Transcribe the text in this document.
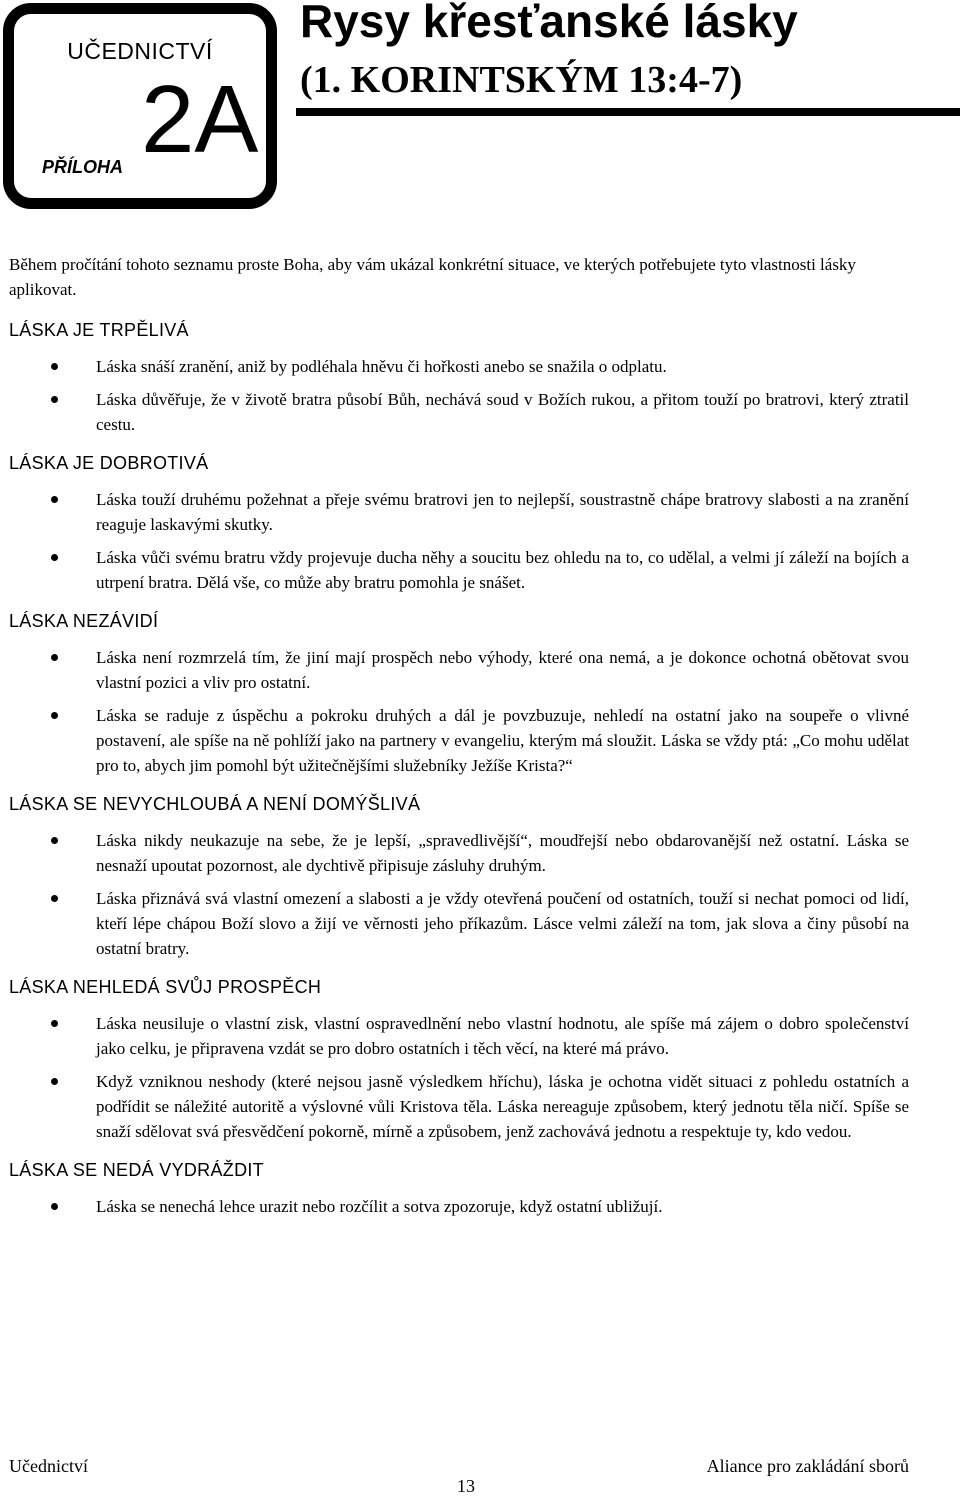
UČEDNICTVÍ
PŘÍLOHA 2A
Rysy křesťanské lásky
(1. KORINTSKÝM 13:4-7)

Během pročítání tohoto seznamu proste Boha, aby vám ukázal konkrétní situace, ve kterých potřebujete tyto vlastnosti lásky aplikovat.

LÁSKA JE TRPĚLIVÁ
Láska snáší zranění, aniž by podléhala hněvu či hořkosti anebo se snažila o odplatu.
Láska důvěřuje, že v životě bratra působí Bůh, nechává soud v Božích rukou, a přitom touží po bratrovi, který ztratil cestu.
LÁSKA JE DOBROTIVÁ
Láska touží druhému požehnat a přeje svému bratrovi jen to nejlepší, soustrastně chápe bratrovy slabosti a na zranění reaguje laskavými skutky.
Láska vůči svému bratru vždy projevuje ducha něhy a soucitu bez ohledu na to, co udělal, a velmi jí záleží na bojích a utrpení bratra. Dělá vše, co může aby bratru pomohla je snášet.
LÁSKA NEZÁVIDÍ
Láska není rozmrzelá tím, že jiní mají prospěch nebo výhody, které ona nemá, a je dokonce ochotná obětovat svou vlastní pozici a vliv pro ostatní.
Láska se raduje z úspěchu a pokroku druhých a dál je povzbuzuje, nehledí na ostatní jako na soupeře o vlivné postavení, ale spíše na ně pohlíží jako na partnery v evangeliu, kterým má sloužit. Láska se vždy ptá: „Co mohu udělat pro to, abych jim pomohl být užitečnějšími služebníky Ježíše Krista?“
LÁSKA SE NEVYCHLOUBÁ A NENÍ DOMÝŠLIVÁ
Láska nikdy neukazuje na sebe, že je lepší, „spravedlivější“, moudřejší nebo obdarovanější než ostatní. Láska se nesnaží upoutat pozornost, ale dychtivě připisuje zásluhy druhým.
Láska přiznává svá vlastní omezení a slabosti a je vždy otevřená poučení od ostatních, touží si nechat pomoci od lidí, kteří lépe chápou Boží slovo a žijí ve věrnosti jeho příkazům. Lásce velmi záleží na tom, jak slova a činy působí na ostatní bratry.
LÁSKA NEHLEDÁ SVŮJ PROSPĚCH
Láska neusiluje o vlastní zisk, vlastní ospravedlnění nebo vlastní hodnotu, ale spíše má zájem o dobro společenství jako celku, je připravena vzdát se pro dobro ostatních i těch věcí, na které má právo.
Když vzniknou neshody (které nejsou jasně výsledkem hříchu), láska je ochotna vidět situaci z pohledu ostatních a podřídit se náležité autoritě a výslovné vůli Kristova těla. Láska nereaguje způsobem, který jednotu těla ničí. Spíše se snaží sdělovat svá přesvědčení pokorně, mírně a způsobem, jenž zachovává jednotu a respektuje ty, kdo vedou.
LÁSKA SE NEDÁ VYDRÁŽDIT
Láska se nenechá lehce urazit nebo rozčílit a sotva zpozoruje, když ostatní ubližují.
Učednictví	Aliance pro zakládání sborů
13
